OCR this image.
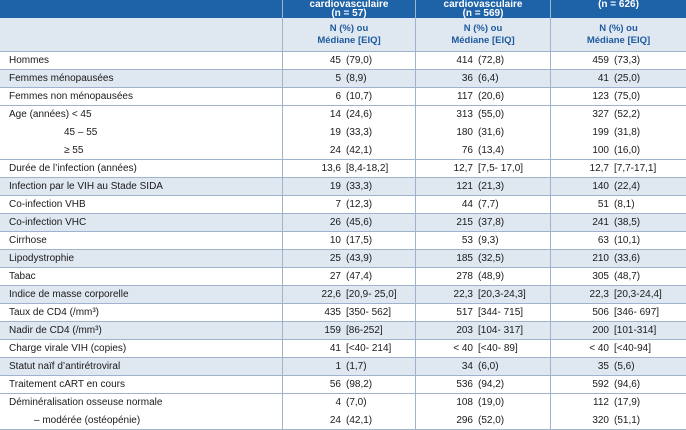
cardiovasculaire
(n = 57)
cardiovasculaire
(n = 569)
(n = 626)
N (%) ou
Médiane [EIQ]
N (%) ou
Médiane [EIQ]
N (%) ou
Médiane [EIQ]
Hommes	45 (79,0)	414 (72,8)	459 (73,3)
Femmes ménopausées	5 (8,9)	36 (6,4)	41 (25,0)
Femmes non ménopausées	6 (10,7)	117 (20,6)	123 (75,0)
Age (années) < 45	14 (24,6)	313 (55,0)	327 (52,2)
45 – 55	19 (33,3)	180 (31,6)	199 (31,8)
≥ 55	24 (42,1)	76 (13,4)	100 (16,0)
Durée de l’infection (années)	13,6 [8,4-18,2]	12,7 [7,5- 17,0]	12,7 [7,7-17,1]
Infection par le VIH au Stade SIDA	19 (33,3)	121 (21,3)	140 (22,4)
Co-infection VHB	7 (12,3)	44 (7,7)	51 (8,1)
Co-infection VHC	26 (45,6)	215 (37,8)	241 (38,5)
Cirrhose	10 (17,5)	53 (9,3)	63 (10,1)
Lipodystrophie	25 (43,9)	185 (32,5)	210 (33,6)
Tabac	27 (47,4)	278 (48,9)	305 (48,7)
Indice de masse corporelle	22,6 [20,9- 25,0]	22,3 [20,3-24,3]	22,3 [20,3-24,4]
Taux de CD4 (/mm³)	435 [350- 562]	517 [344- 715]	506 [346- 697]
Nadir de CD4 (/mm³)	159 [86-252]	203 [104- 317]	200 [101-314]
Charge virale VIH (copies)	41 [<40- 214]	< 40 [<40- 89]	< 40 [<40-94]
Statut naïf d’antirétroviral	1 (1,7)	34 (6,0)	35 (5,6)
Traitement cART en cours	56 (98,2)	536 (94,2)	592 (94,6)
Déminéralisation osseuse normale	4 (7,0)	108 (19,0)	112 (17,9)
– modérée (ostéopénie)	24 (42,1)	296 (52,0)	320 (51,1)
